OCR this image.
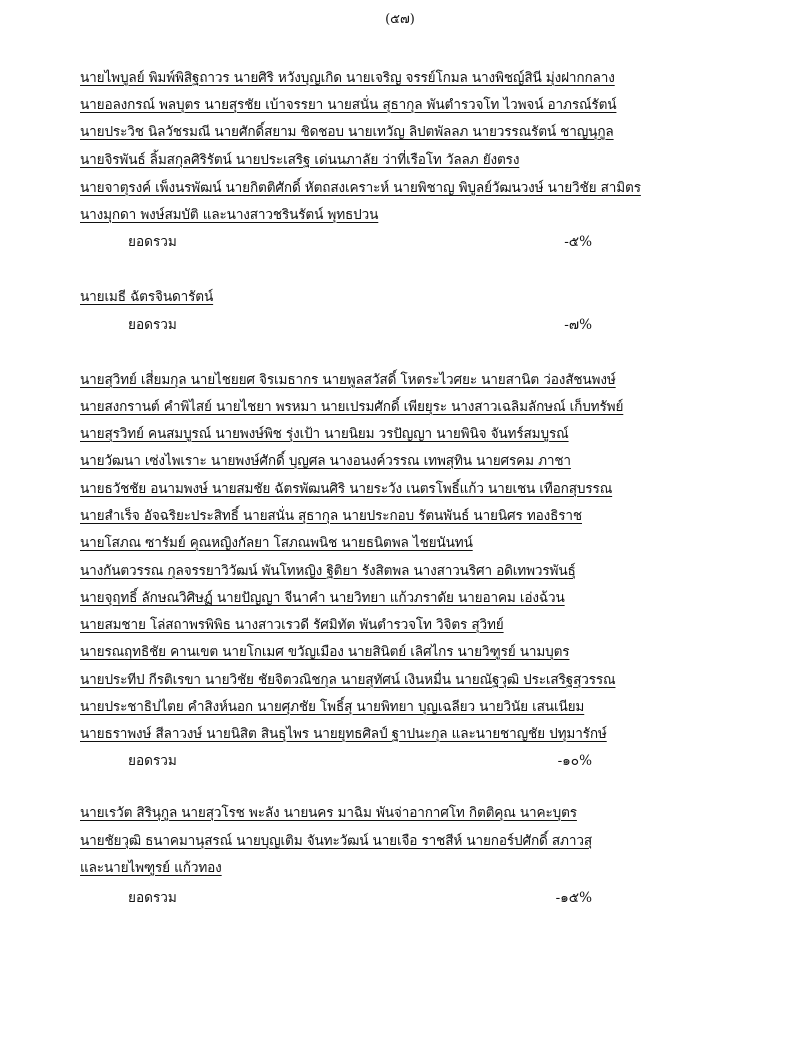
(๕๗)
นายไพบูลย์ พิมพ์พิสิฐถาวร นายศิริ หวังบุญเกิด นายเจริญ จรรย์โกมล นางพิชญ์สินี มุ่งฝากกลาง
นายอลงกรณ์ พลบุตร นายสุรชัย เบ้าจรรยา นายสนั่น สุธากุล พันตำรวจโท ไวพจน์ อาภรณ์รัตน์
นายประวิช นิลวัชรมณี นายศักดิ์สยาม ชิดชอบ นายเทวัญ ลิปตพัลลภ นายวรรณรัตน์ ชาญนุกูล
นายจิรพันธ์ ลิ้มสกุลศิริรัตน์ นายประเสริฐ เด่นนภาลัย ว่าที่เรือโท วัลลภ ยังตรง
นายจาตุรงค์ เพ็งนรพัฒน์ นายกิตติศักดิ์ หัตถสงเคราะห์ นายพิชาญ พิบูลย์วัฒนวงษ์ นายวิชัย สามิตร
นางมุกดา พงษ์สมบัติ และนางสาวชรินรัตน์ พุทธปวน
ยอดรวม	-๕%
นายเมธี ฉัตรจินดารัตน์
ยอดรวม	-๗%
นายสุวิทย์ เสี่ยมกุล นายไชยยศ จิรเมธากร นายพูลสวัสดิ์ โหตระไวศยะ นายสานิต ว่องสัชนพงษ์
นายสงกรานต์ คำพิไสย์ นายไชยา พรหมา นายเปรมศักดิ์ เพียยุระ นางสาวเฉลิมลักษณ์ เก็บทรัพย์
นายสุรวิทย์ คนสมบูรณ์ นายพงษ์พิช รุ่งเป้า นายนิยม วรปัญญา นายพินิจ จันทร์สมบูรณ์
นายวัฒนา เซ่งไพเราะ นายพงษ์ศักดิ์ บุญศล นางอนงค์วรรณ เทพสุทิน นายศรคม ภาชา
นายธวัชชัย อนามพงษ์ นายสมชัย ฉัตรพัฒนศิริ นายระวัง เนตรโพธิ์แก้ว นายเชน เทือกสุบรรณ
นายสำเร็จ อัจฉริยะประสิทธิ์ นายสนั่น สุธากุล นายประกอบ รัตนพันธ์ นายนิศร ทองธิราช
นายโสภณ ซารัมย์ คุณหญิงกัลยา โสภณพนิช นายธนิตพล ไชยนันทน์
นางกันตวรรณ กุลจรรยาวิวัฒน์ พันโทหญิง ฐิติยา รังสิตพล นางสาวนริศา อดิเทพวรพันธุ์
นายจุฤทธิ์ ลักษณวิศิษฏ์ นายปัญญา จีนาคำ นายวิทยา แก้วภราดัย นายอาคม เอ่งฉ้วน
นายสมชาย โล่สถาพรพิพิธ นางสาวเรวดี รัศมิทัต พันตำรวจโท วิจิตร สุวิทย์
นายรณฤทธิชัย คานเขต นายโกเมศ ขวัญเมือง นายสินิตย์ เลิศไกร นายวิฑูรย์ นามบุตร
นายประทีป กีรติเรขา นายวิชัย ชัยจิตวณิชกุล นายสุทัศน์ เงินหมื่น นายณัฐวุฒิ ประเสริฐสุวรรณ
นายประชาธิปไตย คำสิงห์นอก นายศุภชัย โพธิ์สุ นายพิทยา บุญเฉลียว นายวินัย เสนเนียม
นายธราพงษ์ สีลาวงษ์ นายนิสิต สินธุไพร นายยุทธศิลป์ ฐาปนะกุล และนายชาญชัย ปทุมารักษ์
ยอดรวม	-๑๐%
นายเรวัต สิรินุกูล นายสุวโรช พะลัง นายนคร มาฉิม พันจ่าอากาศโท กิตติคุณ นาคะบุตร
นายชัยวุฒิ ธนาคมานุสรณ์ นายบุญเติม จันทะวัฒน์ นายเจือ ราชสีห์ นายกอร์ปศักดิ์ สภาวสุ
และนายไพฑูรย์ แก้วทอง
ยอดรวม	-๑๕%
